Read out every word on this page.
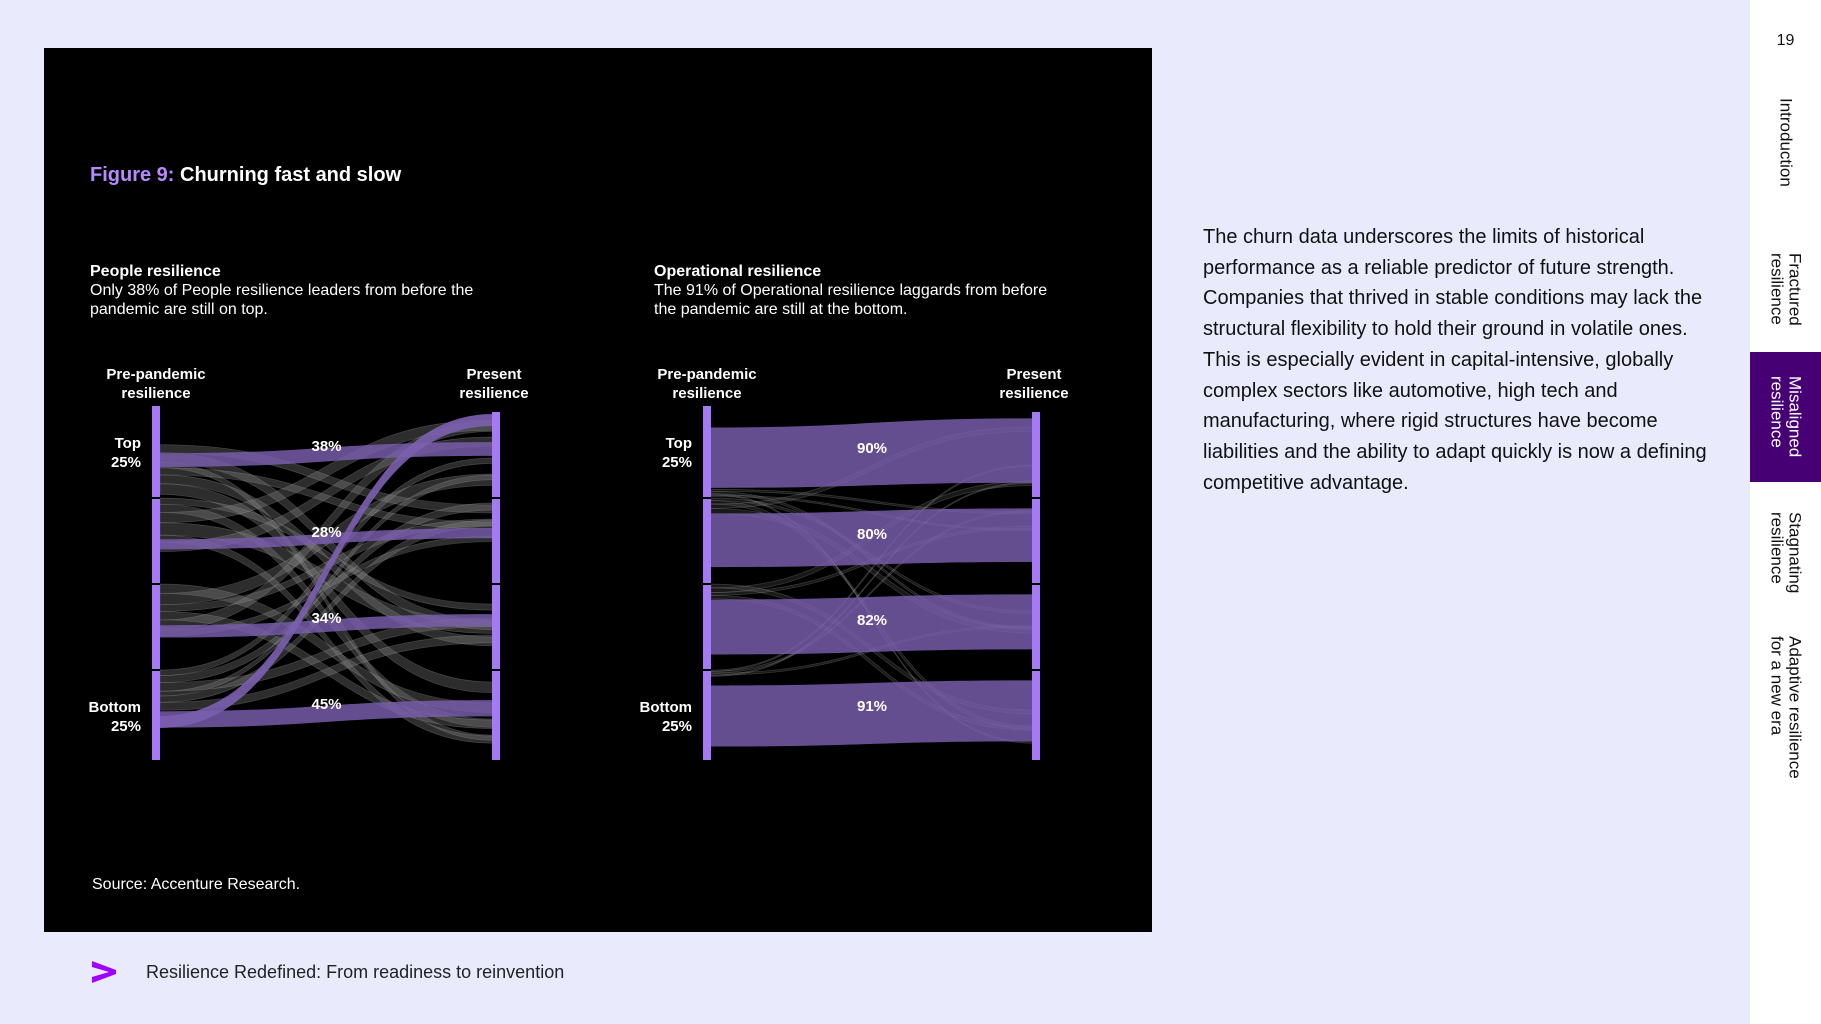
Figure 9: Churning fast and slow
People resilience
Only 38% of People resilience leaders from before the pandemic are still on top.
Operational resilience
The 91% of Operational resilience laggards from before the pandemic are still at the bottom.
38%
28%
34%
45%
Pre-pandemic
resilience
Present
resilience
Top
25%
Bottom
25%
90%
80%
82%
91%
Pre-pandemic
resilience
Present
resilience
Top
25%
Bottom
25%
Source: Accenture Research.

The churn data underscores the limits of historical performance as a reliable predictor of future strength. Companies that thrived in stable conditions may lack the structural flexibility to hold their ground in volatile ones. This is especially evident in capital-intensive, globally complex sectors like automotive, high tech and manufacturing, where rigid structures have become liabilities and the ability to adapt quickly is now a defining competitive advantage.

Resilience Redefined: From readiness to reinvention
19
Introduction
Fractured
resilience
Misaligned
resilience
Stagnating
resilience
Adaptive resilience
for a new era
